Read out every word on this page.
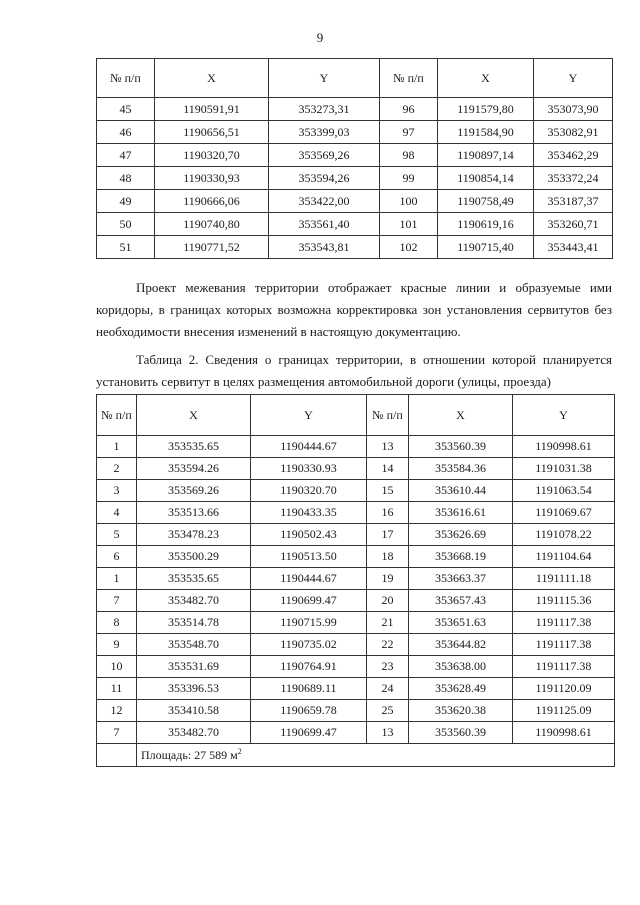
9
№ п/п	X	Y	№ п/п	X	Y
45	1190591,91	353273,31	96	1191579,80	353073,90
46	1190656,51	353399,03	97	1191584,90	353082,91
47	1190320,70	353569,26	98	1190897,14	353462,29
48	1190330,93	353594,26	99	1190854,14	353372,24
49	1190666,06	353422,00	100	1190758,49	353187,37
50	1190740,80	353561,40	101	1190619,16	353260,71
51	1190771,52	353543,81	102	1190715,40	353443,41

Проект межевания территории отображает красные линии и образуемые ими коридоры, в границах которых возможна корректировка зон установления сервитутов без необходимости внесения изменений в настоящую документацию.

Таблица 2. Сведения о границах территории, в отношении которой планируется установить сервитут в целях размещения автомобильной дороги (улицы, проезда)

№ п/п	X	Y	№ п/п	X	Y
1	353535.65	1190444.67	13	353560.39	1190998.61
2	353594.26	1190330.93	14	353584.36	1191031.38
3	353569.26	1190320.70	15	353610.44	1191063.54
4	353513.66	1190433.35	16	353616.61	1191069.67
5	353478.23	1190502.43	17	353626.69	1191078.22
6	353500.29	1190513.50	18	353668.19	1191104.64
1	353535.65	1190444.67	19	353663.37	1191111.18
7	353482.70	1190699.47	20	353657.43	1191115.36
8	353514.78	1190715.99	21	353651.63	1191117.38
9	353548.70	1190735.02	22	353644.82	1191117.38
10	353531.69	1190764.91	23	353638.00	1191117.38
11	353396.53	1190689.11	24	353628.49	1191120.09
12	353410.58	1190659.78	25	353620.38	1191125.09
7	353482.70	1190699.47	13	353560.39	1190998.61
	Площадь: 27 589 $м^2$
